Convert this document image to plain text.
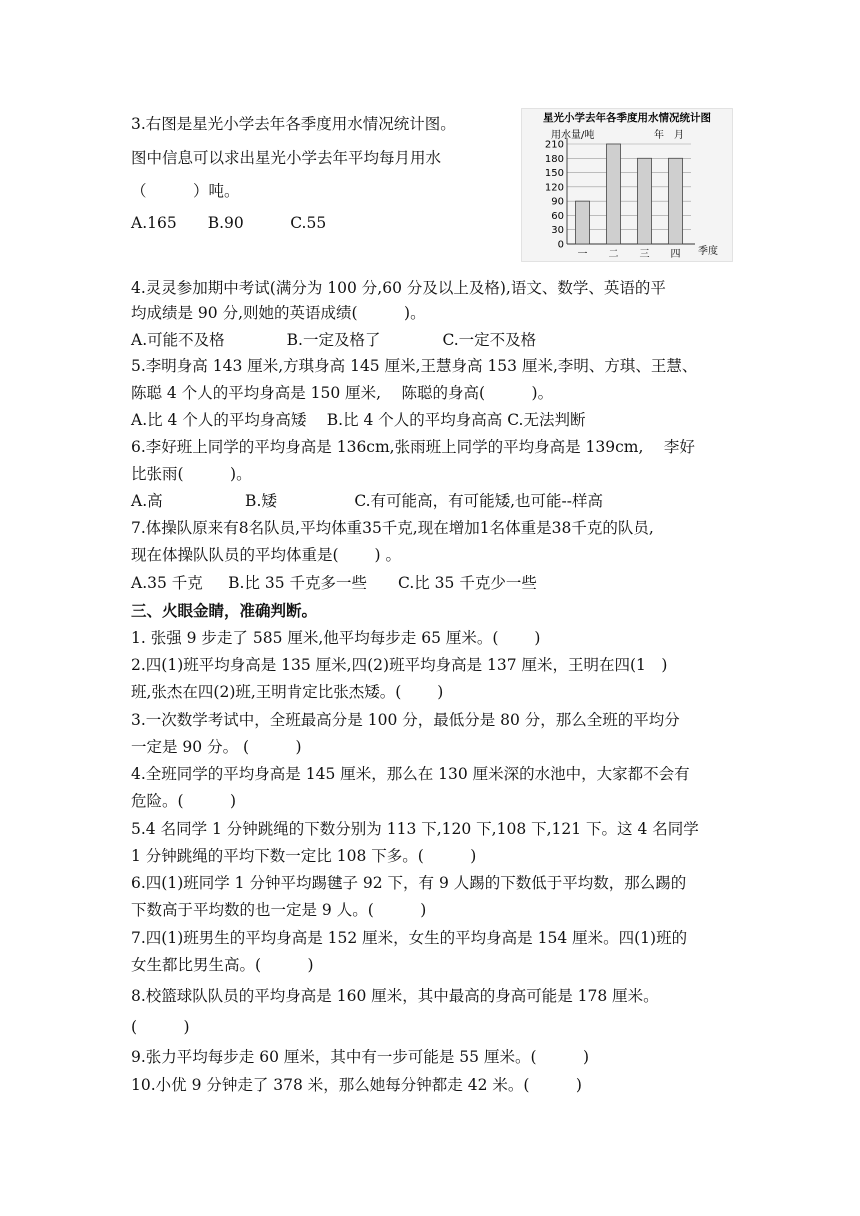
3.右图是星光小学去年各季度用水情况统计图。
图中信息可以求出星光小学去年平均每月用水
（　　　）吨。
A.165　　B.90　　　C.55
星光小学去年各季度用水情况统计图
用水量/吨	年　月
季度
210
180
150
120
90
60
30
0
一 二 三 四
4.灵灵参加期中考试(满分为 100 分,60 分及以上及格),语文、数学、英语的平
均成绩是 90 分,则她的英语成绩(　　　)。
A.可能不及格　　　　B.一定及格了　　　　C.一定不及格
5.李明身高 143 厘米,方琪身高 145 厘米,王慧身高 153 厘米,李明、方琪、王慧、
陈聪 4 个人的平均身高是 150 厘米,　 陈聪的身高(　　　)。
A.比 4 个人的平均身高矮　 B.比 4 个人的平均身高高 C.无法判断
6.李好班上同学的平均身高是 136cm,张雨班上同学的平均身高是 139cm,　 李好
比张雨(　　　)。
A.高　　　　　 B.矮　　　　　C.有可能高，有可能矮,也可能--样高
7.体操队原来有8名队员,平均体重35千克,现在增加1名体重是38千克的队员,
现在体操队队员的平均体重是(　　 ) 。
A.35 千克　  B.比 35 千克多一些　　C.比 35 千克少一些
三、火眼金睛，准确判断。
1. 张强 9 步走了 585 厘米,他平均每步走 65 厘米。(　　 )
2.四(1)班平均身高是 135 厘米,四(2)班平均身高是 137 厘米，王明在四(1　)
班,张杰在四(2)班,王明肯定比张杰矮。(　　 )
3.一次数学考试中，全班最高分是 100 分，最低分是 80 分，那么全班的平均分
一定是 90 分。 (　　　)
4.全班同学的平均身高是 145 厘米，那么在 130 厘米深的水池中，大家都不会有
危险。(　　　)
5.4 名同学 1 分钟跳绳的下数分别为 113 下,120 下,108 下,121 下。这 4 名同学
1 分钟跳绳的平均下数一定比 108 下多。(　　　)
6.四(1)班同学 1 分钟平均踢毽子 92 下，有 9 人踢的下数低于平均数，那么踢的
下数高于平均数的也一定是 9 人。(　　　)
7.四(1)班男生的平均身高是 152 厘米，女生的平均身高是 154 厘米。四(1)班的
女生都比男生高。(　　　)
8.校篮球队队员的平均身高是 160 厘米，其中最高的身高可能是 178 厘米。
(　　　)
9.张力平均每步走 60 厘米，其中有一步可能是 55 厘米。(　　　)
10.小优 9 分钟走了 378 米，那么她每分钟都走 42 米。(　　　)
